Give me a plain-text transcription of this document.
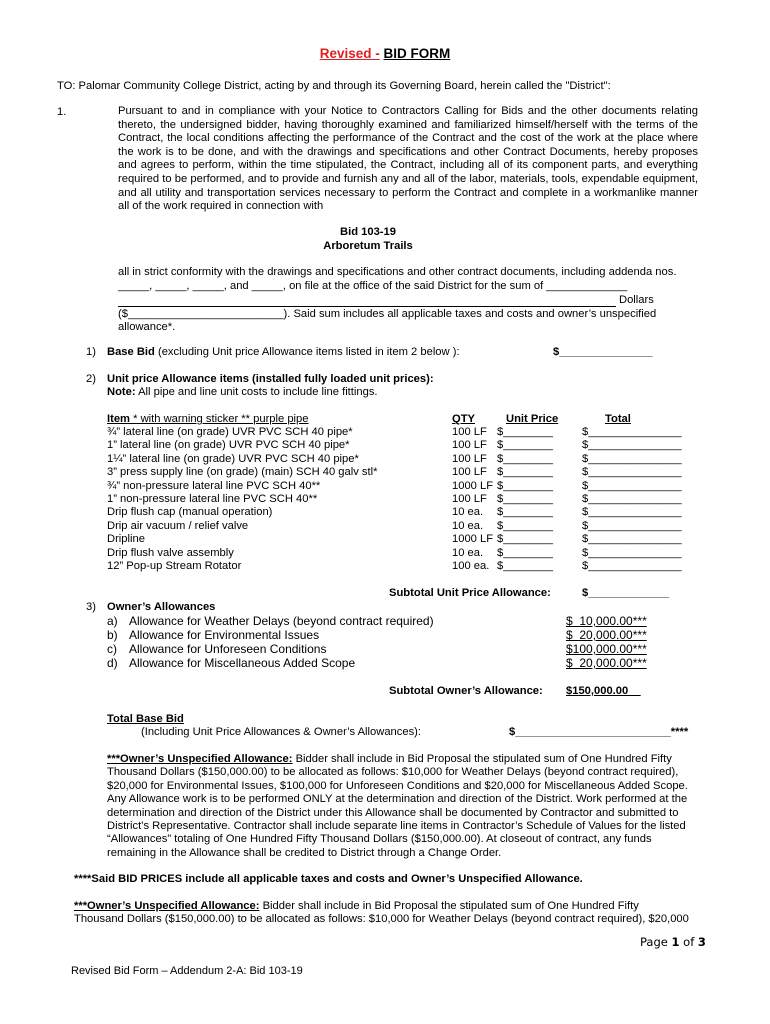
Revised - BID FORM
TO: Palomar Community College District, acting by and through its Governing Board, herein called the "District":
1.	Pursuant to and in compliance with your Notice to Contractors Calling for Bids and the other documents relating thereto, the undersigned bidder, having thoroughly examined and familiarized himself/herself with the terms of the Contract, the local conditions affecting the performance of the Contract and the cost of the work at the place where the work is to be done, and with the drawings and specifications and other Contract Documents, hereby proposes and agrees to perform, within the time stipulated, the Contract, including all of its component parts, and everything required to be performed, and to provide and furnish any and all of the labor, materials, tools, expendable equipment, and all utility and transportation services necessary to perform the Contract and complete in a workmanlike manner all of the work required in connection with
Bid 103-19
Arboretum Trails
all in strict conformity with the drawings and specifications and other contract documents, including addenda nos.
_____, _____, _____, and _____, on file at the office of the said District for the sum of _____________
Dollars
($_________________________). Said sum includes all applicable taxes and costs and owner’s unspecified
allowance*.
1) Base Bid (excluding Unit price Allowance items listed in item 2 below ):	$_______________
2) Unit price Allowance items (installed fully loaded unit prices):
Note: All pipe and line unit costs to include line fittings.
Item * with warning sticker ** purple pipe	QTY	Unit Price	Total
¾” lateral line (on grade) UVR PVC SCH 40 pipe*	100 LF $________	$_______________
1” lateral line (on grade) UVR PVC SCH 40 pipe*	100 LF $________	$_______________
1¼” lateral line (on grade) UVR PVC SCH 40 pipe*	100 LF $________	$_______________
3” press supply line (on grade) (main) SCH 40 galv stl*	100 LF $________	$_______________
¾” non-pressure lateral line PVC SCH 40**	1000 LF $________	$_______________
1” non-pressure lateral line PVC SCH 40**	100 LF $________	$_______________
Drip flush cap (manual operation)	10 ea. $________	$_______________
Drip air vacuum / relief valve	10 ea. $________	$_______________
Dripline	1000 LF $________	$_______________
Drip flush valve assembly	10 ea. $________	$_______________
12” Pop-up Stream Rotator	100 ea. $________	$_______________
Subtotal Unit Price Allowance:	$_____________
3) Owner’s Allowances
a) Allowance for Weather Delays (beyond contract required)	$  10,000.00***
b) Allowance for Environmental Issues	$  20,000.00***
c) Allowance for Unforeseen Conditions	$100,000.00***
d) Allowance for Miscellaneous Added Scope	$  20,000.00***
Subtotal Owner’s Allowance: $150,000.00
Total Base Bid
(Including Unit Price Allowances & Owner’s Allowances):	$_________________________****
***Owner’s Unspecified Allowance: Bidder shall include in Bid Proposal the stipulated sum of One Hundred Fifty Thousand Dollars ($150,000.00) to be allocated as follows: $10,000 for Weather Delays (beyond contract required), $20,000 for Environmental Issues, $100,000 for Unforeseen Conditions and $20,000 for Miscellaneous Added Scope. Any Allowance work is to be performed ONLY at the determination and direction of the District. Work performed at the determination and direction of the District under this Allowance shall be documented by Contractor and submitted to District’s Representative. Contractor shall include separate line items in Contractor’s Schedule of Values for the listed “Allowances” totaling of One Hundred Fifty Thousand Dollars ($150,000.00). At closeout of contract, any funds remaining in the Allowance shall be credited to District through a Change Order.
****Said BID PRICES include all applicable taxes and costs and Owner’s Unspecified Allowance.
***Owner’s Unspecified Allowance: Bidder shall include in Bid Proposal the stipulated sum of One Hundred Fifty
Thousand Dollars ($150,000.00) to be allocated as follows: $10,000 for Weather Delays (beyond contract required), $20,000
Page 1 of 3
Revised Bid Form – Addendum 2-A: Bid 103-19
